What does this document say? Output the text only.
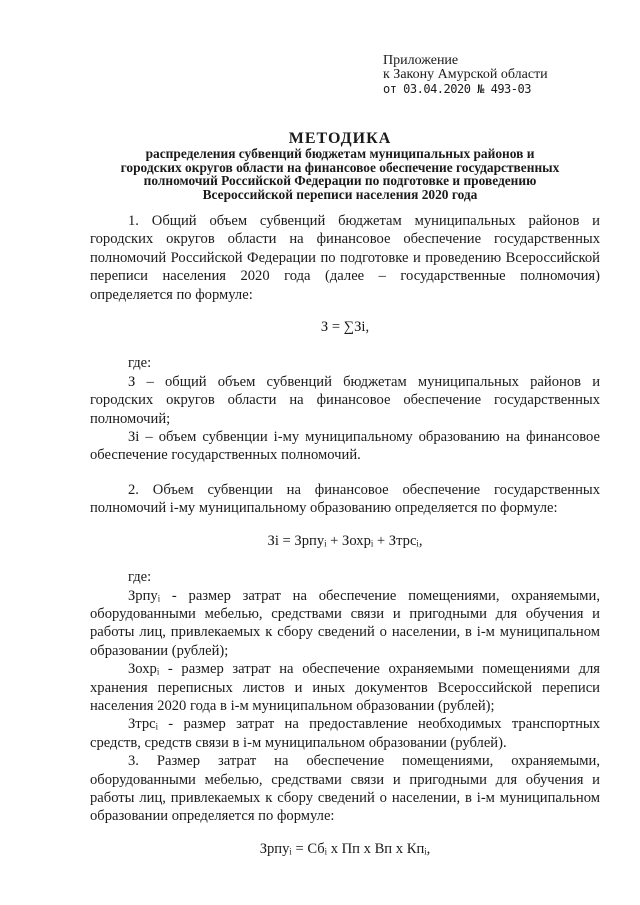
Приложение
к Закону Амурской области
от 03.04.2020 № 493-03
МЕТОДИКА
распределения субвенций бюджетам муниципальных районов и
городских округов области на финансовое обеспечение государственных
полномочий Российской Федерации по подготовке и проведению
Всероссийской переписи населения 2020 года

1. Общий объем субвенций бюджетам муниципальных районов и городских округов области на финансовое обеспечение государственных полномочий Российской Федерации по подготовке и проведению Всероссийской переписи населения 2020 года (далее – государственные полномочия) определяется по формуле:

З = ∑Зi,

где:

З – общий объем субвенций бюджетам муниципальных районов и городских округов области на финансовое обеспечение государственных полномочий;

Зi – объем субвенции i-му муниципальному образованию на финансовое обеспечение государственных полномочий.

2. Объем субвенции на финансовое обеспечение государственных полномочий i-му муниципальному образованию определяется по формуле:

Зi = Зрпуᵢ + Зохрᵢ + Зтрсᵢ,

где:

Зрпуᵢ - размер затрат на обеспечение помещениями, охраняемыми, оборудованными мебелью, средствами связи и пригодными для обучения и работы лиц, привлекаемых к сбору сведений о населении, в i-м муниципальном образовании (рублей);

Зохрᵢ - размер затрат на обеспечение охраняемыми помещениями для хранения переписных листов и иных документов Всероссийской переписи населения 2020 года в i-м муниципальном образовании (рублей);

Зтрсᵢ - размер затрат на предоставление необходимых транспортных средств, средств связи в i-м муниципальном образовании (рублей).

3. Размер затрат на обеспечение помещениями, охраняемыми, оборудованными мебелью, средствами связи и пригодными для обучения и работы лиц, привлекаемых к сбору сведений о населении, в i-м муниципальном образовании определяется по формуле:

Зрпуᵢ = Сбᵢ x Пп x Вп x Кпᵢ,
